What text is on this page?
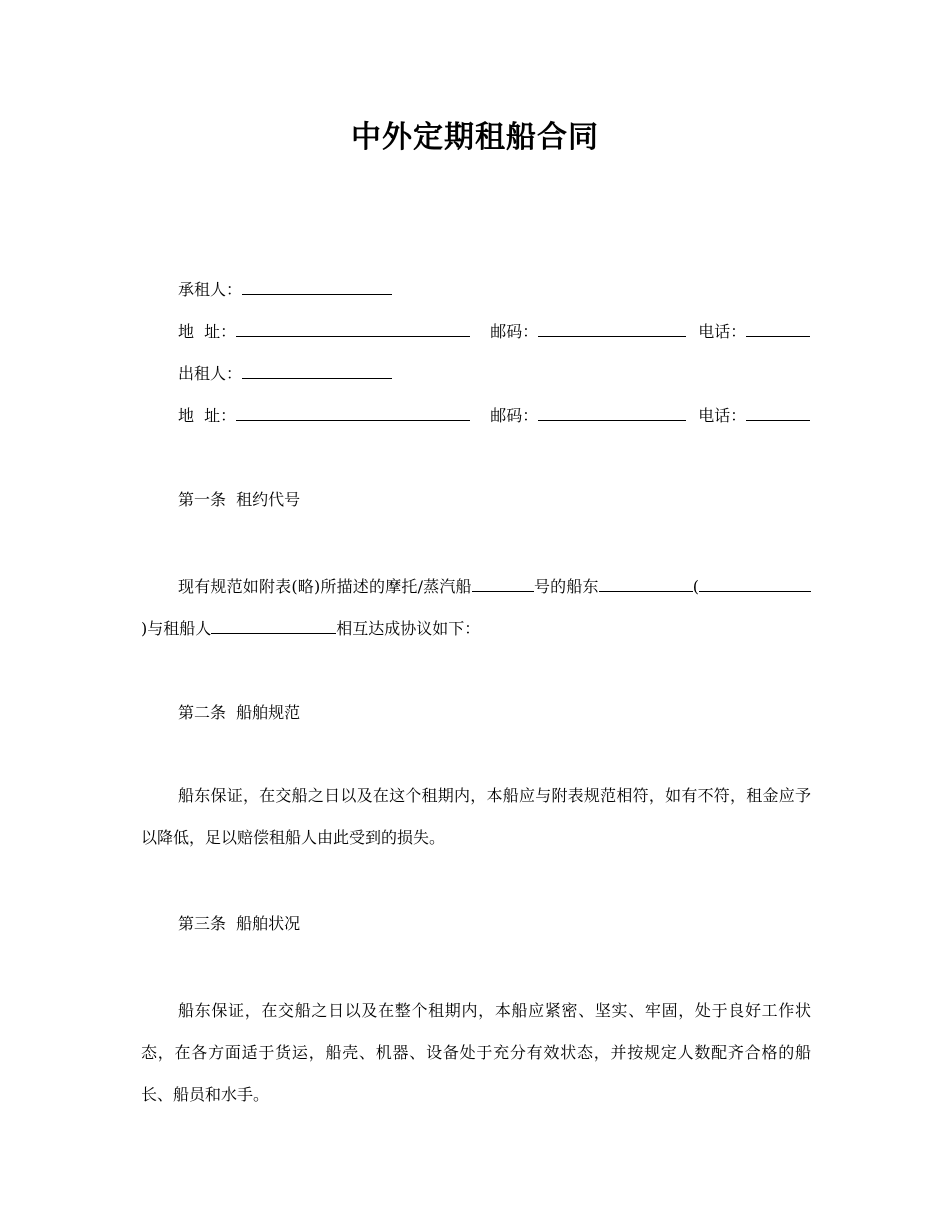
中外定期租船合同
承租人：
地  址：	邮码：	电话：
出租人：
地  址：	邮码：	电话：
第一条  租约代号

现有规范如附表(略)所描述的摩托/蒸汽船	号的船东	()与租船人	相互达成协议如下：

第二条  船舶规范

船东保证，在交船之日以及在这个租期内，本船应与附表规范相符，如有不符，租金应予以降低，足以赔偿租船人由此受到的损失。

第三条  船舶状况

船东保证，在交船之日以及在整个租期内，本船应紧密、坚实、牢固，处于良好工作状态，在各方面适于货运，船壳、机器、设备处于充分有效状态，并按规定人数配齐合格的船长、船员和水手。
